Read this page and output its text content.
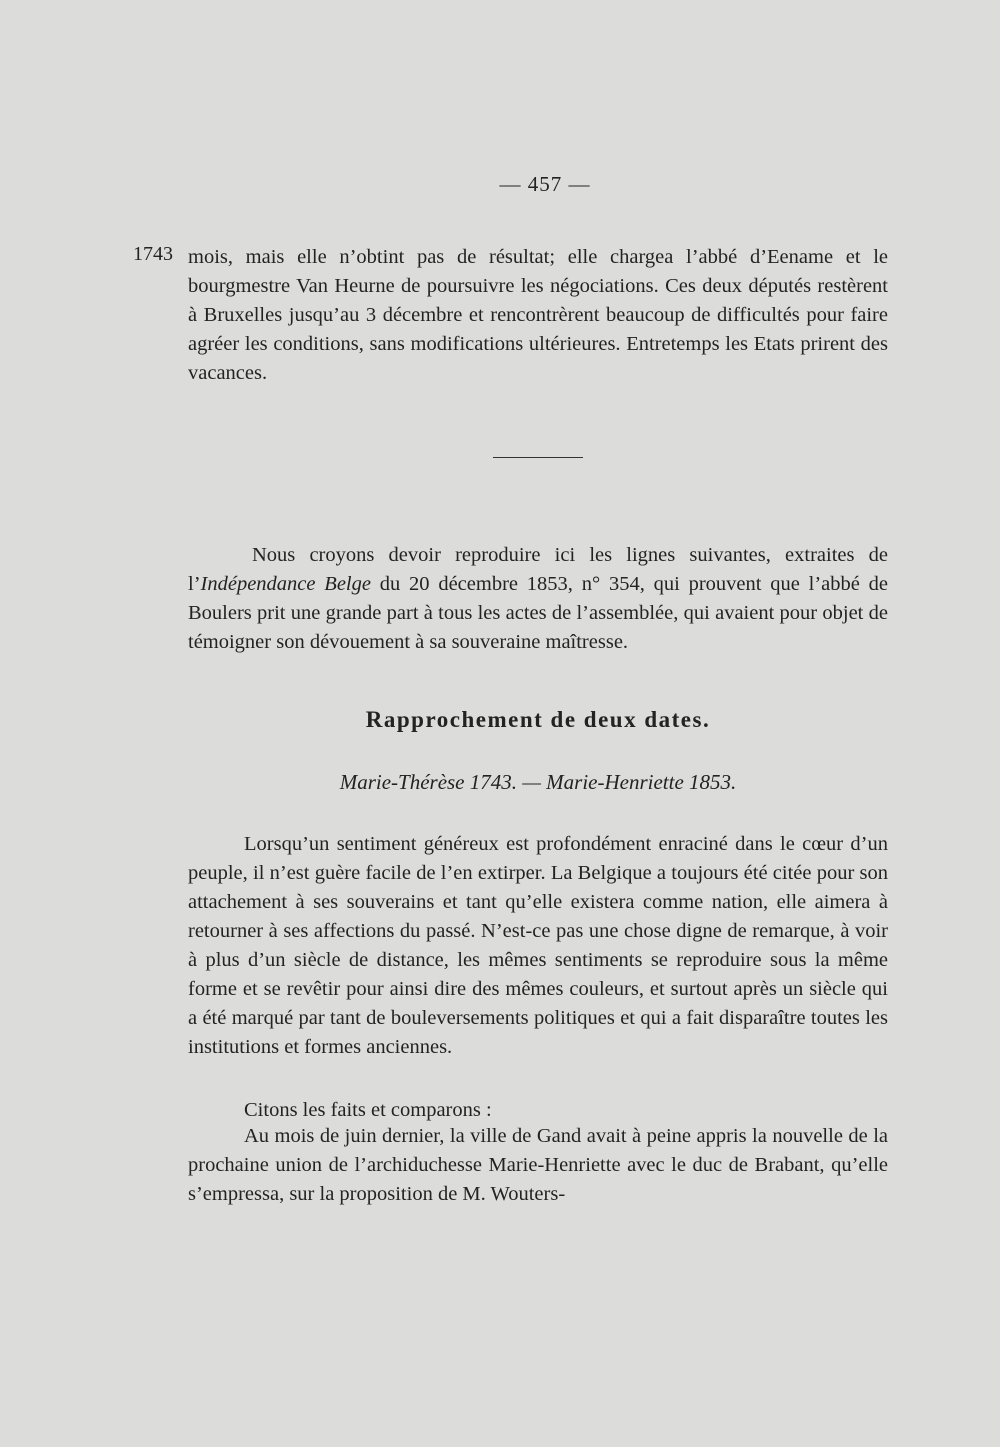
— 457 —
1743 mois, mais elle n’obtint pas de résultat; elle chargea l’abbé d’Eename et le bourgmestre Van Heurne de poursuivre les négociations. Ces deux députés restèrent à Bruxelles jusqu’au 3 décembre et rencontrèrent beaucoup de difficultés pour faire agréer les conditions, sans modifications ultérieures. Entretemps les Etats prirent des vacances.

Nous croyons devoir reproduire ici les lignes suivantes, extraites de l’Indépendance Belge du 20 décembre 1853, n° 354, qui prouvent que l’abbé de Boulers prit une grande part à tous les actes de l’assemblée, qui avaient pour objet de témoigner son dévouement à sa souveraine maîtresse.

Rapprochement de deux dates.
Marie-Thérèse 1743. — Marie-Henriette 1853.

Lorsqu’un sentiment généreux est profondément enraciné dans le cœur d’un peuple, il n’est guère facile de l’en extirper. La Belgique a toujours été citée pour son attachement à ses souverains et tant qu’elle existera comme nation, elle aimera à retourner à ses affections du passé. N’est-ce pas une chose digne de remarque, à voir à plus d’un siècle de distance, les mêmes sentiments se reproduire sous la même forme et se revêtir pour ainsi dire des mêmes couleurs, et surtout après un siècle qui a été marqué par tant de bouleversements politiques et qui a fait disparaître toutes les institutions et formes anciennes.

Citons les faits et comparons :

Au mois de juin dernier, la ville de Gand avait à peine appris la nouvelle de la prochaine union de l’archiduchesse Marie-Henriette avec le duc de Brabant, qu’elle s’empressa, sur la proposition de M. Wouters-
